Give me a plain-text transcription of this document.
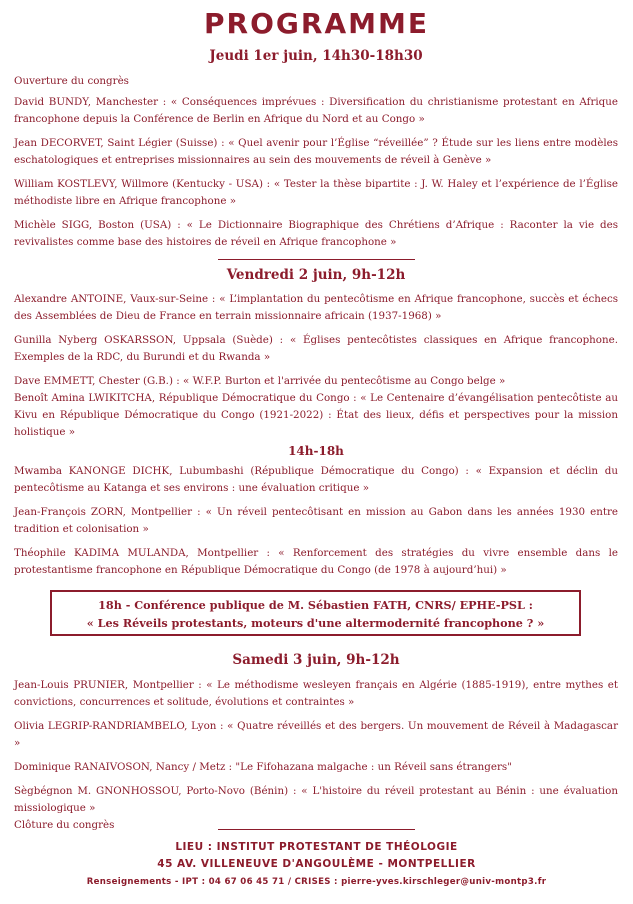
PROGRAMME
Jeudi 1er juin, 14h30-18h30

Ouverture du congrès

David BUNDY, Manchester : « Conséquences imprévues : Diversification du christianisme protestant en Afrique francophone depuis la Conférence de Berlin en Afrique du Nord et au Congo »

Jean DECORVET, Saint Légier (Suisse) : « Quel avenir pour l’Église “réveillée” ? Étude sur les liens entre modèles eschatologiques et entreprises missionnaires au sein des mouvements de réveil à Genève »

William KOSTLEVY, Willmore (Kentucky - USA) : « Tester la thèse bipartite : J. W. Haley et l’expérience de l’Église méthodiste libre en Afrique francophone »

Michèle SIGG, Boston (USA) : « Le Dictionnaire Biographique des Chrétiens d’Afrique : Raconter la vie des revivalistes comme base des histoires de réveil en Afrique francophone »

Vendredi 2 juin, 9h-12h

Alexandre ANTOINE, Vaux-sur-Seine : « L’implantation du pentecôtisme en Afrique francophone, succès et échecs des Assemblées de Dieu de France en terrain missionnaire africain (1937-1968) »

Gunilla Nyberg OSKARSSON, Uppsala (Suède) : « Églises pentecôtistes classiques en Afrique francophone. Exemples de la RDC, du Burundi et du Rwanda »

Dave EMMETT, Chester (G.B.) : « W.F.P. Burton et l'arrivée du pentecôtisme au Congo belge »

Benoît Amina LWIKITCHA, République Démocratique du Congo : « Le Centenaire d’évangélisation pentecôtiste au Kivu en République Démocratique du Congo (1921-2022) : État des lieux, défis et perspectives pour la mission holistique »

14h-18h

Mwamba KANONGE DICHK, Lubumbashi (République Démocratique du Congo) : « Expansion et déclin du pentecôtisme au Katanga et ses environs : une évaluation critique »

Jean-François ZORN, Montpellier : « Un réveil pentecôtisant en mission au Gabon dans les années 1930 entre tradition et colonisation »

Théophile KADIMA MULANDA, Montpellier : « Renforcement des stratégies du vivre ensemble dans le protestantisme francophone en République Démocratique du Congo (de 1978 à aujourd’hui) »

18h - Conférence publique de M. Sébastien FATH, CNRS/ EPHE-PSL :
« Les Réveils protestants, moteurs d'une altermodernité francophone ? »
Samedi 3 juin, 9h-12h

Jean-Louis PRUNIER, Montpellier : « Le méthodisme wesleyen français en Algérie (1885-1919), entre mythes et convictions, concurrences et solitude, évolutions et contraintes »

Olivia LEGRIP-RANDRIAMBELO, Lyon : « Quatre réveillés et des bergers. Un mouvement de Réveil à Madagascar »

Dominique RANAIVOSON, Nancy / Metz : "Le Fifohazana malgache : un Réveil sans étrangers"

Sègbégnon M. GNONHOSSOU, Porto-Novo (Bénin) : « L'histoire du réveil protestant au Bénin : une évaluation missiologique »

Clôture du congrès

LIEU : INSTITUT PROTESTANT DE THÉOLOGIE
45 AV. VILLENEUVE D'ANGOULÈME - MONTPELLIER
Renseignements - IPT : 04 67 06 45 71 / CRISES : pierre-yves.kirschleger@univ-montp3.fr
